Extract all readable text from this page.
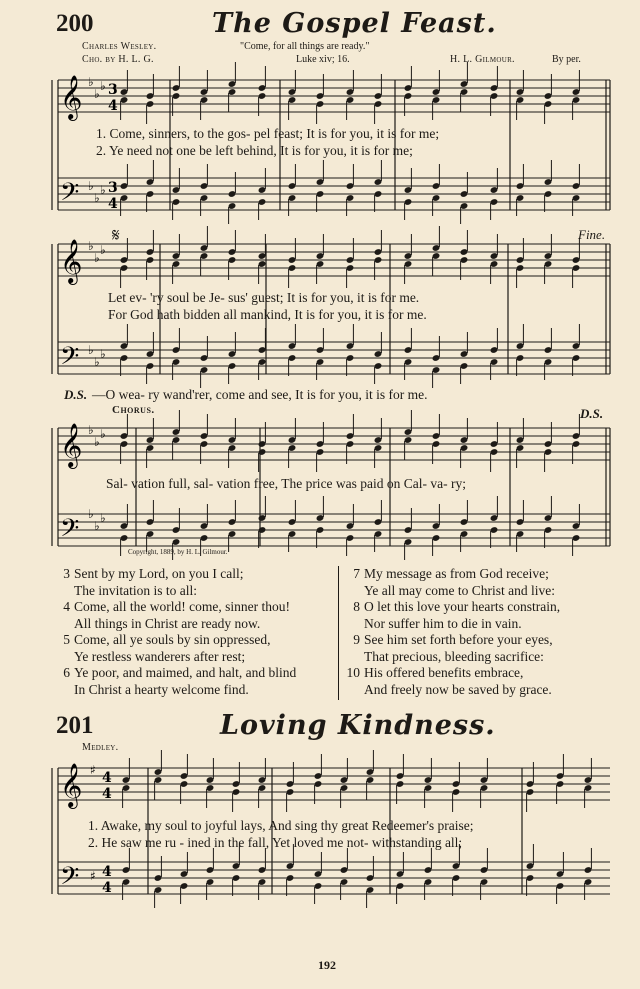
200	The Gospel Feast.
Charles Wesley.
Cho. by H. L. G.
"Come, for all things are ready."
Luke xiv; 16.	H. L. Gilmour.	By per.
𝄞
𝄢
𝄞
𝄢
𝄞
𝄢
𝄞
𝄢
♭
♭
♭
♭
♭
♭
♭
♭
♭
♭
♭
♭
♭
♭
♭
♭
♭
♭
♯
♯
3
4
3
4
4
4
4
4
1. Come, sinners, to the gos- pel feast; It is for you, it is for me;
2. Ye need not one be left behind, It is for you, it is for me;
𝄋	Fine.
Let ev- 'ry soul be Je- sus' guest; It is for you, it is for me.
For God hath bidden all mankind, It is for you, it is for me.
D.S. —O wea- ry wand'rer, come and see, It is for you, it is for me.
Chorus.	D.S.
Sal- vation full, sal- vation free, The price was paid on Cal- va- ry;
Copyright, 1889, by H. L. Gilmour.
3 Sent by my Lord, on you I call;
The invitation is to all:
4 Come, all the world! come, sinner thou!
All things in Christ are ready now.
5 Come, all ye souls by sin oppressed,
Ye restless wanderers after rest;
6 Ye poor, and maimed, and halt, and blind
In Christ a hearty welcome find.
7 My message as from God receive;
Ye all may come to Christ and live:
8 O let this love your hearts constrain,
Nor suffer him to die in vain.
9 See him set forth before your eyes,
That precious, bleeding sacrifice:
10 His offered benefits embrace,
And freely now be saved by grace.
201	Loving Kindness.
Medley.
1. Awake, my soul to joyful lays, And sing thy great Redeemer's praise;
2. He saw me ru - ined in the fall, Yet loved me not- withstanding all;
192
